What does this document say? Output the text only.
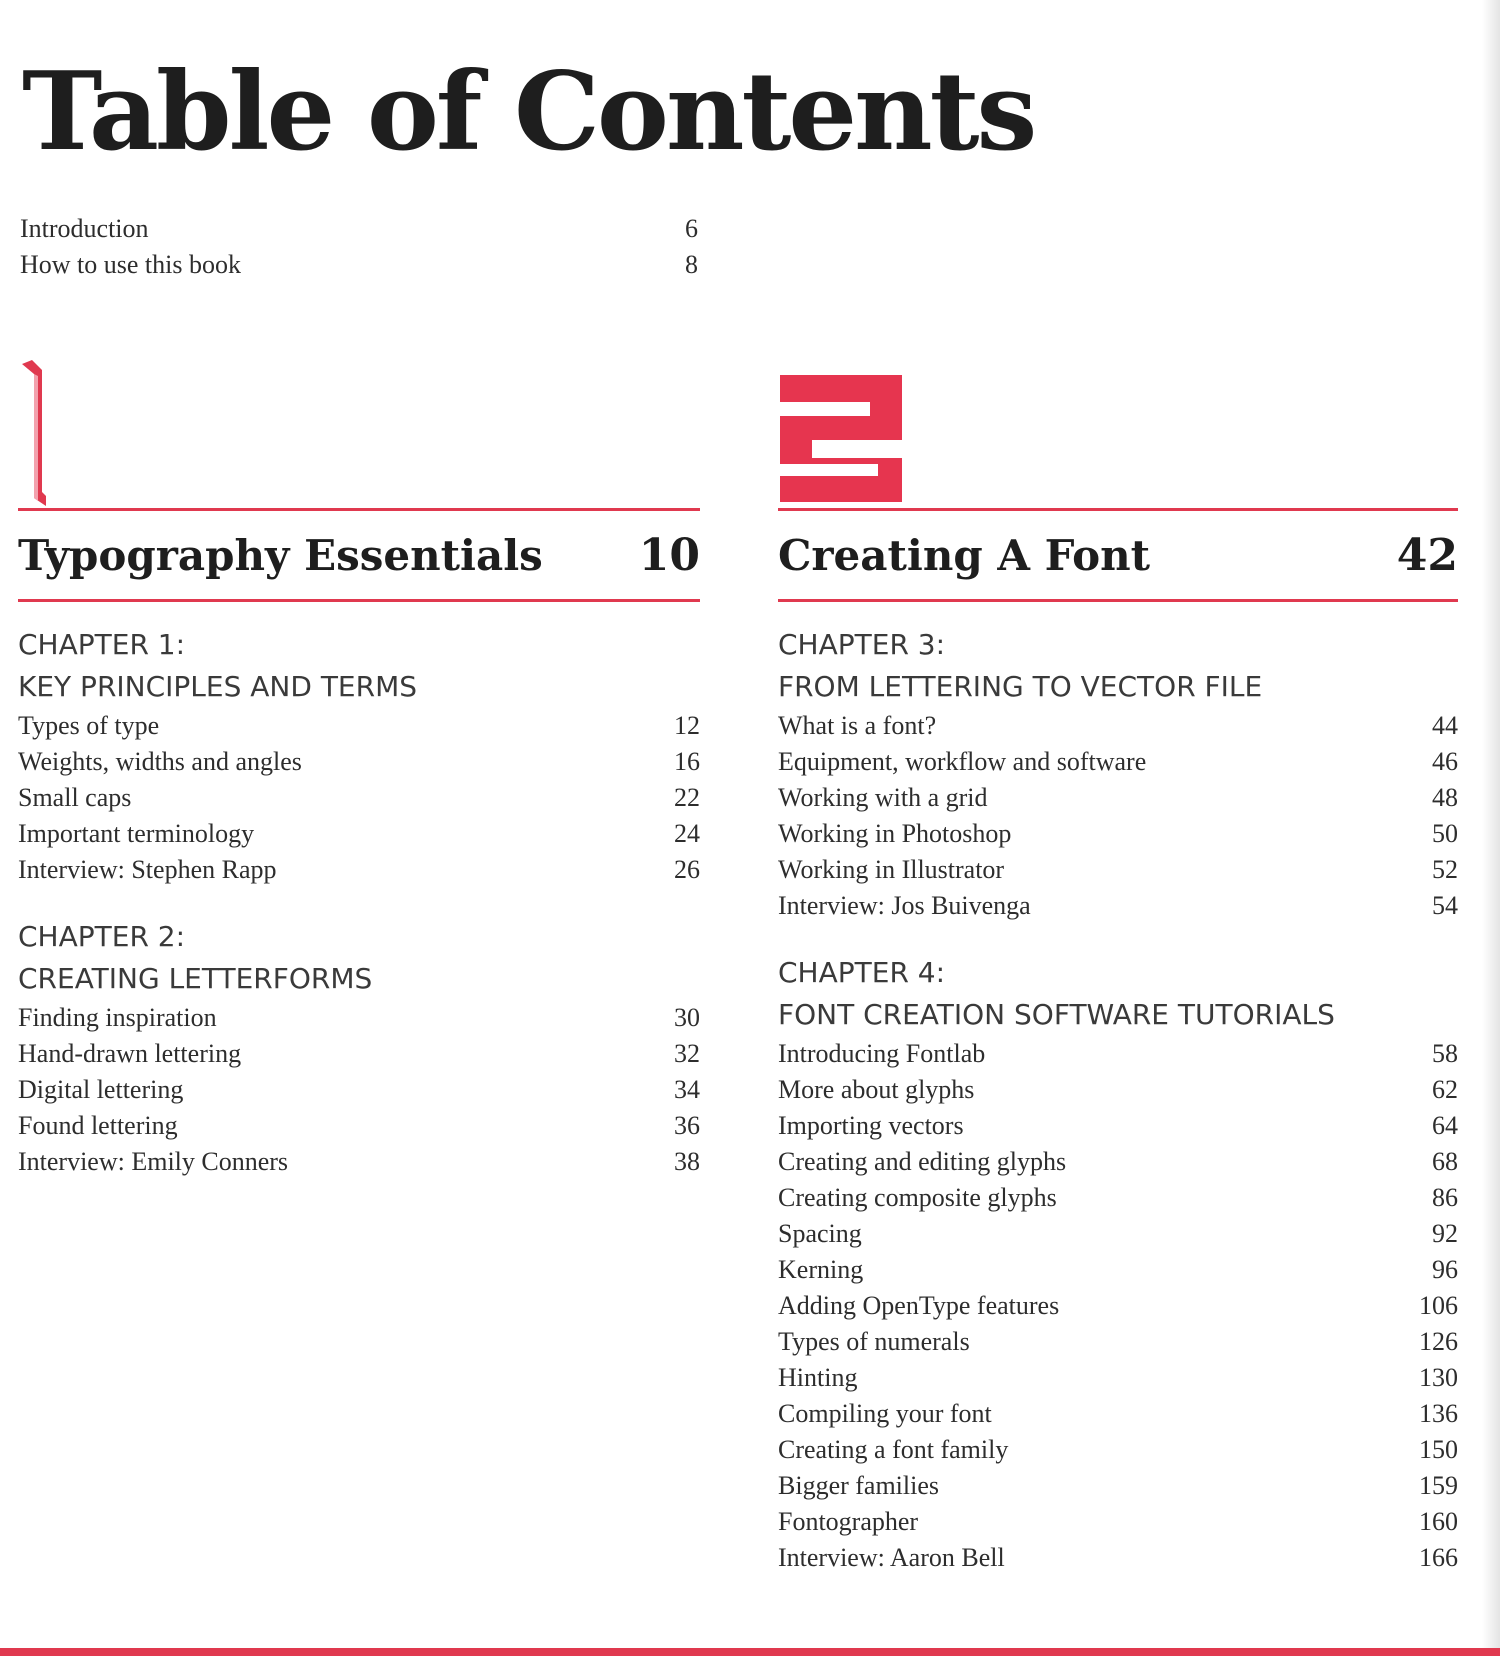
Table of Contents
Introduction	6
How to use this book	8
Typography Essentials 10
CHAPTER 1:
KEY PRINCIPLES AND TERMS
Types of type	12
Weights, widths and angles	16
Small caps	22
Important terminology	24
Interview: Stephen Rapp	26
CHAPTER 2:
CREATING LETTERFORMS
Finding inspiration	30
Hand-drawn lettering	32
Digital lettering	34
Found lettering	36
Interview: Emily Conners	38
Creating A Font	42
CHAPTER 3:
FROM LETTERING TO VECTOR FILE
What is a font?	44
Equipment, workflow and software	46
Working with a grid	48
Working in Photoshop	50
Working in Illustrator	52
Interview: Jos Buivenga	54
CHAPTER 4:
FONT CREATION SOFTWARE TUTORIALS
Introducing Fontlab	58
More about glyphs	62
Importing vectors	64
Creating and editing glyphs	68
Creating composite glyphs	86
Spacing	92
Kerning	96
Adding OpenType features	106
Types of numerals	126
Hinting	130
Compiling your font	136
Creating a font family	150
Bigger families	159
Fontographer	160
Interview: Aaron Bell	166
